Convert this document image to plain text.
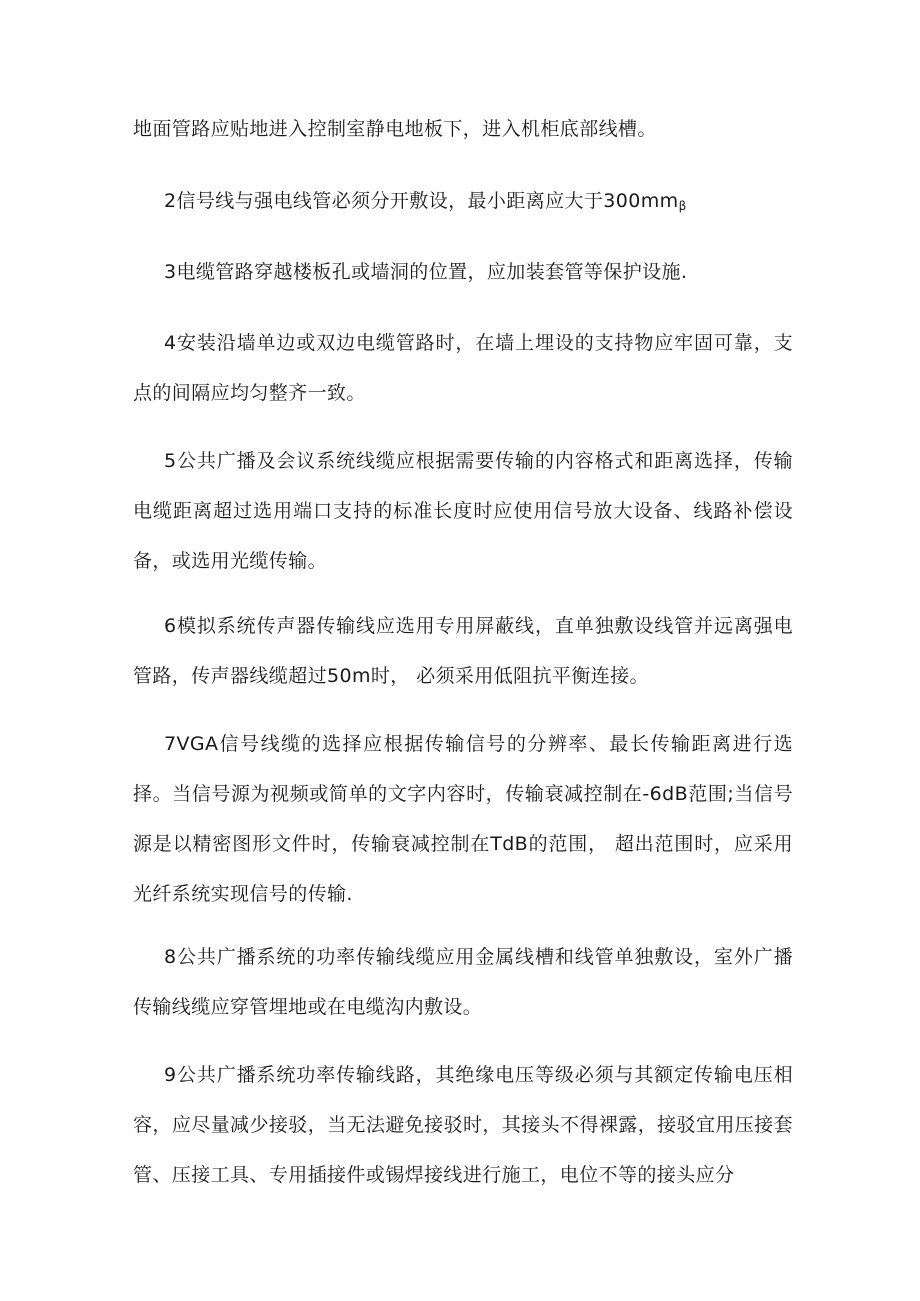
地面管路应贴地进入控制室静电地板下，进入机柜底部线槽。

2信号线与强电线管必须分开敷设，最小距离应大于$300mm_\beta$

3电缆管路穿越楼板孔或墙洞的位置，应加装套管等保护设施.

4安装沿墙单边或双边电缆管路时，在墙上埋设的支持物应牢固可靠，支点的间隔应均匀整齐一致。

5公共广播及会议系统线缆应根据需要传输的内容格式和距离选择，传输电缆距离超过选用端口支持的标准长度时应使用信号放大设备、线路补偿设备，或选用光缆传输。

6模拟系统传声器传输线应选用专用屏蔽线，直单独敷设线管并远离强电管路，传声器线缆超过50m时， 必须采用低阻抗平衡连接。

7VGA信号线缆的选择应根据传输信号的分辨率、最长传输距离进行选择。当信号源为视频或简单的文字内容时，传输衰减控制在-6dB范围;当信号源是以精密图形文件时，传输衰减控制在TdB的范围， 超出范围时，应采用光纤系统实现信号的传输.

8公共广播系统的功率传输线缆应用金属线槽和线管单独敷设，室外广播传输线缆应穿管埋地或在电缆沟内敷设。

9公共广播系统功率传输线路，其绝缘电压等级必须与其额定传输电压相容，应尽量减少接驳，当无法避免接驳时，其接头不得裸露，接驳宜用压接套管、压接工具、专用插接件或锡焊接线进行施工，电位不等的接头应分
